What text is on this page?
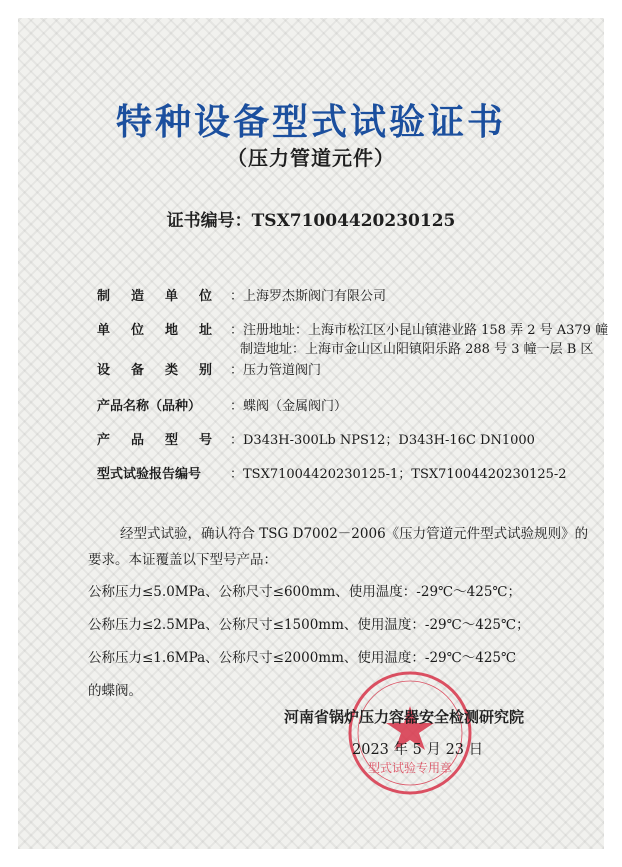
特种设备型式试验证书
（压力管道元件）
证书编号：TSX71004420230125
制 造 单 位 ：上海罗杰斯阀门有限公司
单 位 地 址 ：注册地址：上海市松江区小昆山镇港业路 158 弄 2 号 A379 幢
制造地址：上海市金山区山阳镇阳乐路 288 号 3 幢一层 B 区
设 备 类 别 ：压力管道阀门
产品名称（品种）	：蝶阀（金属阀门）
产 品 型 号 ：D343H-300Lb NPS12；D343H-16C DN1000
型式试验报告编号	：TSX71004420230125-1；TSX71004420230125-2
经型式试验，确认符合 TSG D7002－2006《压力管道元件型式试验规则》的
要求。本证覆盖以下型号产品：
公称压力≤5.0MPa、公称尺寸≤600mm、使用温度：-29℃～425℃；
公称压力≤2.5MPa、公称尺寸≤1500mm、使用温度：-29℃～425℃；
公称压力≤1.6MPa、公称尺寸≤2000mm、使用温度：-29℃～425℃
的蝶阀。
型式试验专用章
河南省锅炉压力容器安全检测研究院
2023 年 5 月 23 日
